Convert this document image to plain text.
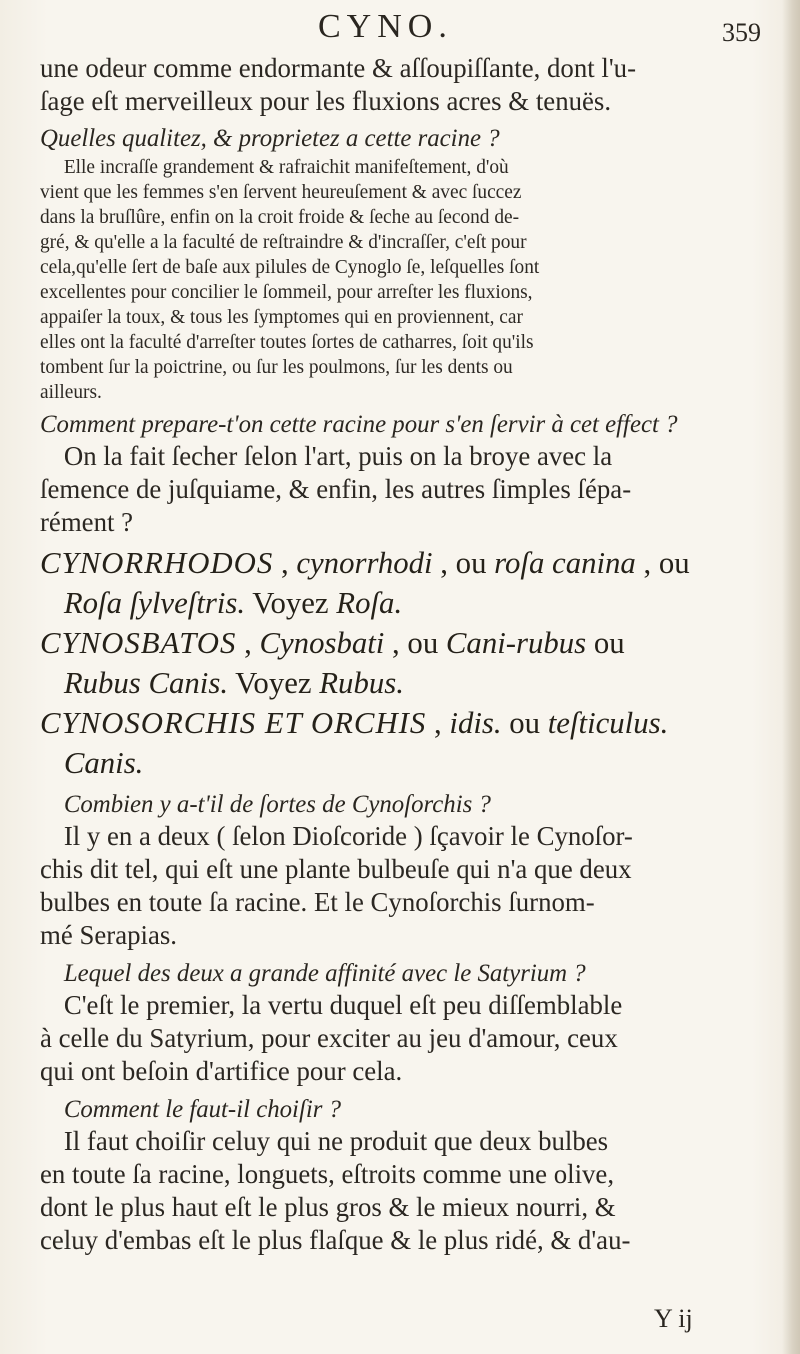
CYNO.	359

une odeur comme endormante & aſſoupiſſante, dont l'u-
ſage eſt merveilleux pour les fluxions acres & tenuës.

Quelles qualitez, & proprietez a cette racine ?

Elle incraſſe grandement & rafraichit manifeſtement, d'où
vient que les femmes s'en ſervent heureuſement & avec ſuccez
dans la bruſlûre, enfin on la croit froide & ſeche au ſecond de-
gré, & qu'elle a la faculté de reſtraindre & d'incraſſer, c'eſt pour
cela,qu'elle ſert de baſe aux pilules de Cynoglo ſe, leſquelles ſont
excellentes pour concilier le ſommeil, pour arreſter les fluxions,
appaiſer la toux, & tous les ſymptomes qui en proviennent, car
elles ont la faculté d'arreſter toutes ſortes de catharres, ſoit qu'ils
tombent ſur la poictrine, ou ſur les poulmons, ſur les dents ou
ailleurs.

Comment prepare-t'on cette racine pour s'en ſervir à cet effect ?

On la fait ſecher ſelon l'art, puis on la broye avec la
ſemence de juſquiame, & enfin, les autres ſimples ſépa-
rément ?

CYNORRHODOS , cynorrhodi , ou roſa canina , ou
Roſa ſylveſtris. Voyez Roſa.
CYNOSBATOS , Cynosbati , ou Cani-rubus ou
Rubus Canis. Voyez Rubus.
CYNOSORCHIS ET ORCHIS , idis. ou teſticulus.
Canis.

Combien y a-t'il de ſortes de Cynoſorchis ?

Il y en a deux ( ſelon Dioſcoride ) ſçavoir le Cynoſor-
chis dit tel, qui eſt une plante bulbeuſe qui n'a que deux
bulbes en toute ſa racine. Et le Cynoſorchis ſurnom-
mé Serapias.

Lequel des deux a grande affinité avec le Satyrium ?

C'eſt le premier, la vertu duquel eſt peu diſſemblable
à celle du Satyrium, pour exciter au jeu d'amour, ceux
qui ont beſoin d'artifice pour cela.

Comment le faut-il choiſir ?

Il faut choiſir celuy qui ne produit que deux bulbes
en toute ſa racine, longuets, eſtroits comme une olive,
dont le plus haut eſt le plus gros & le mieux nourri, &
celuy d'embas eſt le plus flaſque & le plus ridé, & d'au-

Y ij
